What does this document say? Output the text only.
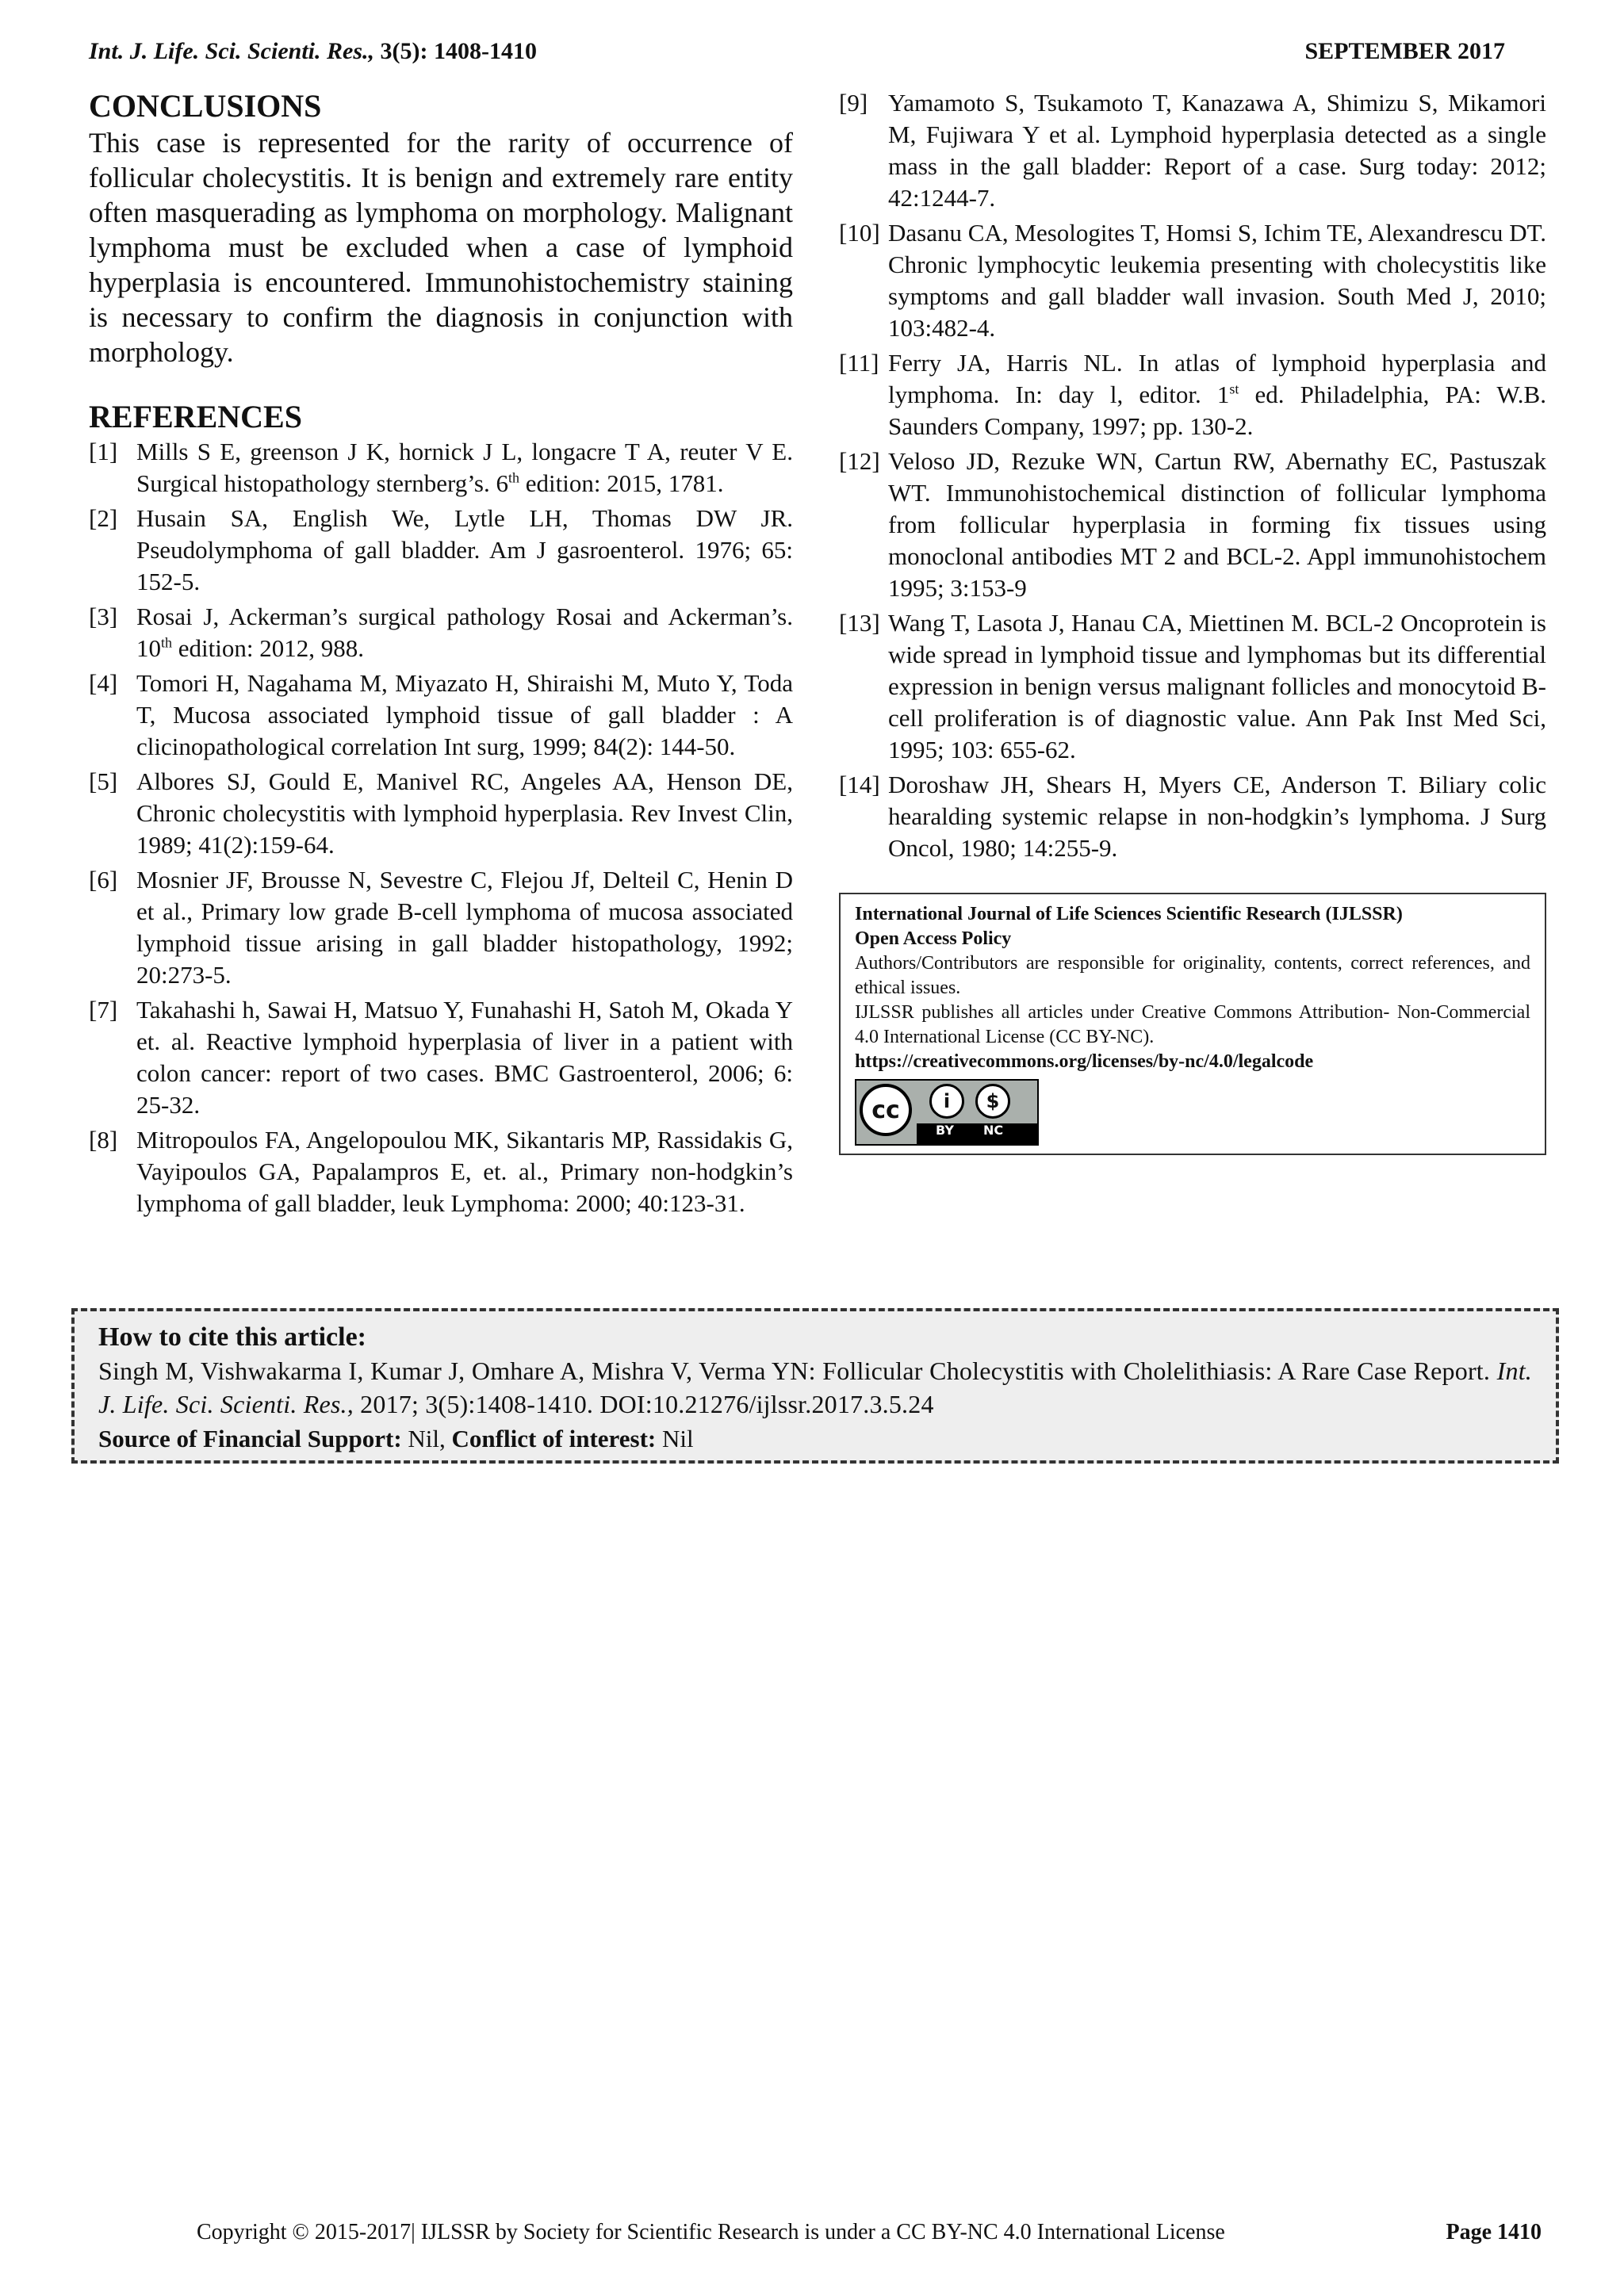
Int. J. Life. Sci. Scienti. Res., 3(5): 1408-1410	SEPTEMBER 2017
CONCLUSIONS

This case is represented for the rarity of occurrence of follicular cholecystitis. It is benign and extremely rare entity often masquerading as lymphoma on morphology. Malignant lymphoma must be excluded when a case of lymphoid hyperplasia is encountered. Immunohistochemistry staining is necessary to confirm the diagnosis in conjunction with morphology.

REFERENCES
[1] Mills S E, greenson J K, hornick J L, longacre T A, reuter V E. Surgical histopathology sternberg’s. 6th edition: 2015, 1781.
[2] Husain SA, English We, Lytle LH, Thomas DW JR. Pseudolymphoma of gall bladder. Am J gasroenterol. 1976; 65: 152-5.
[3] Rosai J, Ackerman’s surgical pathology Rosai and Ackerman’s. 10th edition: 2012, 988.
[4] Tomori H, Nagahama M, Miyazato H, Shiraishi M, Muto Y, Toda T, Mucosa associated lymphoid tissue of gall bladder : A clicinopathological correlation Int surg, 1999; 84(2): 144-50.
[5] Albores SJ, Gould E, Manivel RC, Angeles AA, Henson DE, Chronic cholecystitis with lymphoid hyperplasia. Rev Invest Clin, 1989; 41(2):159-64.
[6] Mosnier JF, Brousse N, Sevestre C, Flejou Jf, Delteil C, Henin D et al., Primary low grade B-cell lymphoma of mucosa associated lymphoid tissue arising in gall bladder histopathology, 1992; 20:273-5.
[7] Takahashi h, Sawai H, Matsuo Y, Funahashi H, Satoh M, Okada Y et. al. Reactive lymphoid hyperplasia of liver in a patient with colon cancer: report of two cases. BMC Gastroenterol, 2006; 6: 25-32.
[8] Mitropoulos FA, Angelopoulou MK, Sikantaris MP, Rassidakis G, Vayipoulos GA, Papalampros E, et. al., Primary non-hodgkin’s lymphoma of gall bladder, leuk Lymphoma: 2000; 40:123-31.
[9] Yamamoto S, Tsukamoto T, Kanazawa A, Shimizu S, Mikamori M, Fujiwara Y et al. Lymphoid hyperplasia detected as a single mass in the gall bladder: Report of a case. Surg today: 2012; 42:1244-7.
[10] Dasanu CA, Mesologites T, Homsi S, Ichim TE, Alexandrescu DT. Chronic lymphocytic leukemia presenting with cholecystitis like symptoms and gall bladder wall invasion. South Med J, 2010; 103:482-4.
[11] Ferry JA, Harris NL. In atlas of lymphoid hyperplasia and lymphoma. In: day l, editor. 1st ed. Philadelphia, PA: W.B. Saunders Company, 1997; pp. 130-2.
[12] Veloso JD, Rezuke WN, Cartun RW, Abernathy EC, Pastuszak WT. Immunohistochemical distinction of follicular lymphoma from follicular hyperplasia in forming fix tissues using monoclonal antibodies MT 2 and BCL-2. Appl immunohistochem 1995; 3:153-9
[13] Wang T, Lasota J, Hanau CA, Miettinen M. BCL-2 Oncoprotein is wide spread in lymphoid tissue and lymphomas but its differential expression in benign versus malignant follicles and monocytoid B-cell proliferation is of diagnostic value. Ann Pak Inst Med Sci, 1995; 103: 655-62.
[14] Doroshaw JH, Shears H, Myers CE, Anderson T. Biliary colic hearalding systemic relapse in non-hodgkin’s lymphoma. J Surg Oncol, 1980; 14:255-9.
International Journal of Life Sciences Scientific Research (IJLSSR)
Open Access Policy
Authors/Contributors are responsible for originality, contents, correct references, and ethical issues.
IJLSSR publishes all articles under Creative Commons Attribution- Non-Commercial 4.0 International License (CC BY-NC).
https://creativecommons.org/licenses/by-nc/4.0/legalcode
cc	i	$
BY NC
How to cite this article:
Singh M, Vishwakarma I, Kumar J, Omhare A, Mishra V, Verma YN: Follicular Cholecystitis with Cholelithiasis: A Rare Case Report. Int. J. Life. Sci. Scienti. Res., 2017; 3(5):1408-1410. DOI:10.21276/ijlssr.2017.3.5.24
Source of Financial Support: Nil, Conflict of interest: Nil
Copyright © 2015-2017| IJLSSR by Society for Scientific Research is under a CC BY-NC 4.0 International License	Page 1410
